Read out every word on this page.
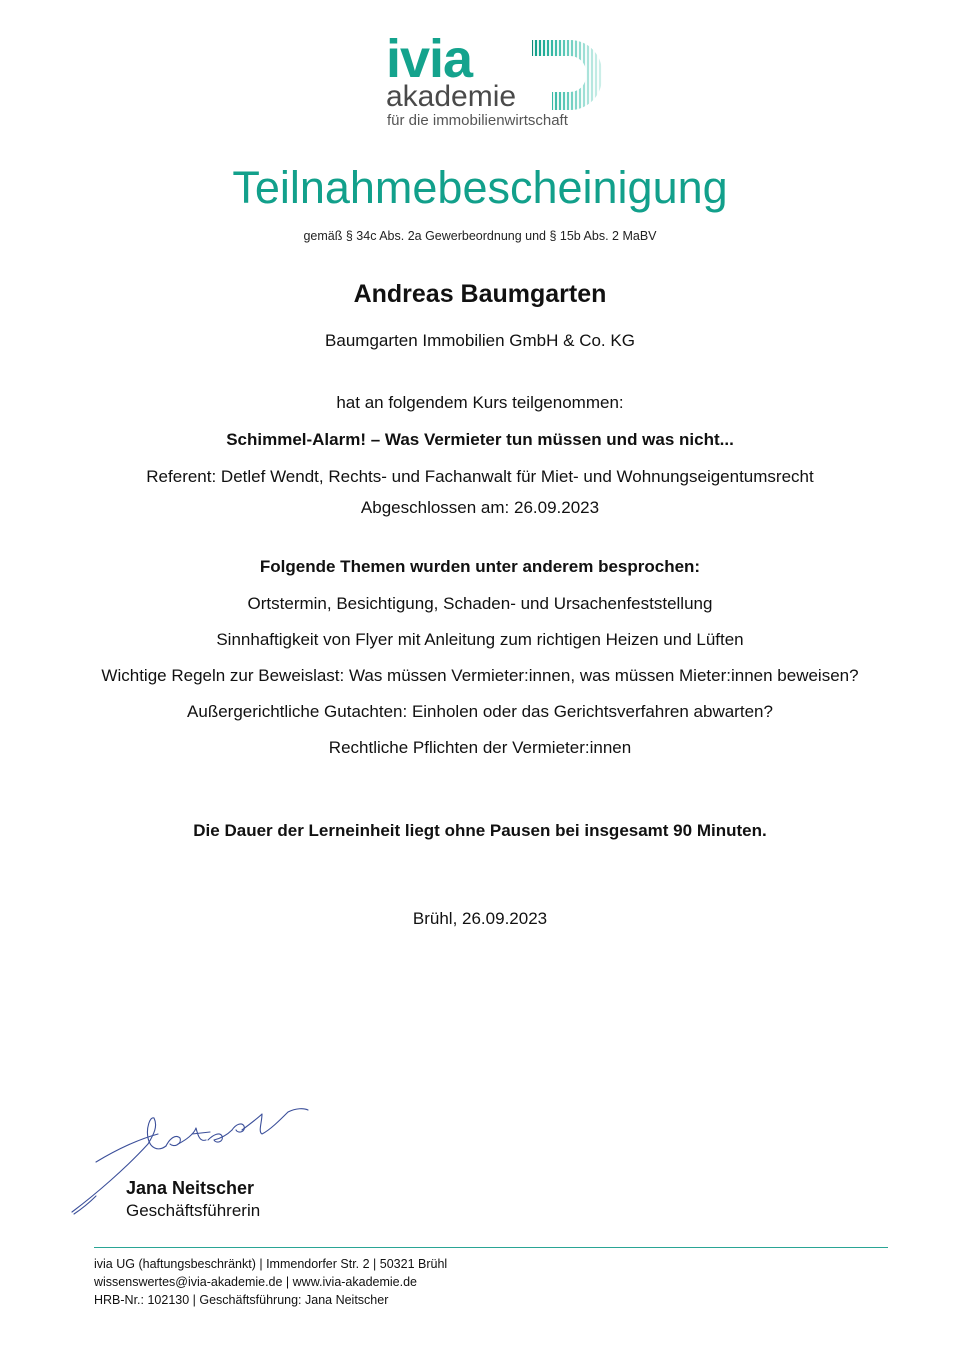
ivia
akademie
für die immobilienwirtschaft
Teilnahmebescheinigung
gemäß § 34c Abs. 2a Gewerbeordnung und § 15b Abs. 2 MaBV
Andreas Baumgarten
Baumgarten Immobilien GmbH & Co. KG
hat an folgendem Kurs teilgenommen:
Schimmel-Alarm! – Was Vermieter tun müssen und was nicht...
Referent: Detlef Wendt, Rechts- und Fachanwalt für Miet- und Wohnungseigentumsrecht
Abgeschlossen am: 26.09.2023
Folgende Themen wurden unter anderem besprochen:
Ortstermin, Besichtigung, Schaden- und Ursachenfeststellung
Sinnhaftigkeit von Flyer mit Anleitung zum richtigen Heizen und Lüften
Wichtige Regeln zur Beweislast: Was müssen Vermieter:innen, was müssen Mieter:innen beweisen?
Außergerichtliche Gutachten: Einholen oder das Gerichtsverfahren abwarten?
Rechtliche Pflichten der Vermieter:innen
Die Dauer der Lerneinheit liegt ohne Pausen bei insgesamt 90 Minuten.
Brühl, 26.09.2023
Jana Neitscher
Geschäftsführerin
ivia UG (haftungsbeschränkt) | Immendorfer Str. 2 | 50321 Brühl
wissenswertes@ivia-akademie.de | www.ivia-akademie.de
HRB-Nr.: 102130 | Geschäftsführung: Jana Neitscher
